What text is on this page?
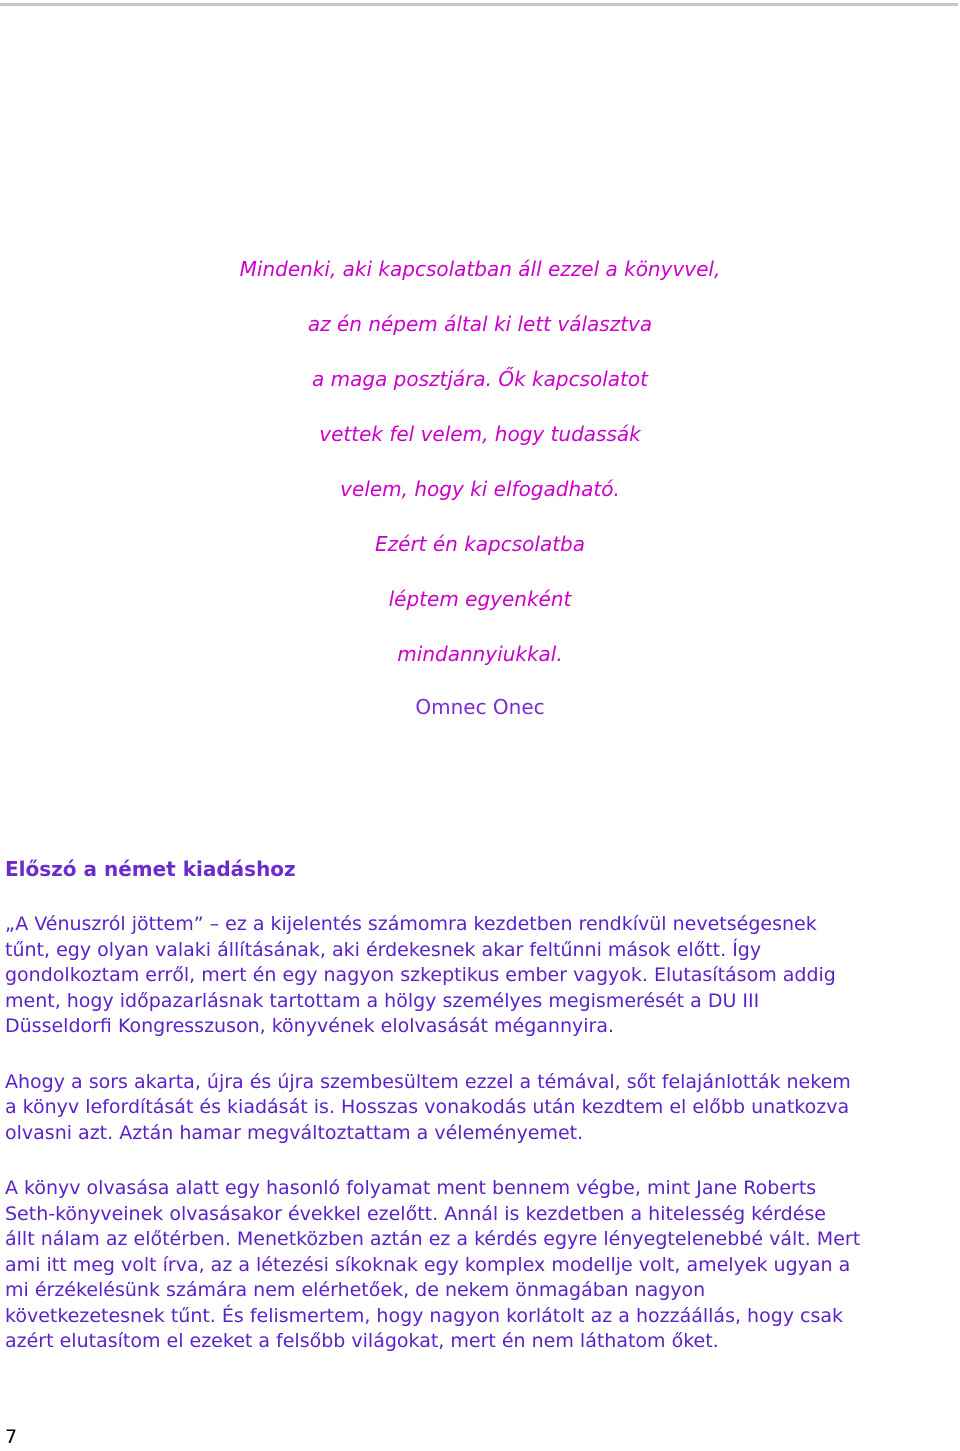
Mindenki, aki kapcsolatban áll ezzel a könyvvel,
az én népem által ki lett választva
a maga posztjára. Ők kapcsolatot
vettek fel velem, hogy tudassák
velem, hogy ki elfogadható.
Ezért én kapcsolatba
léptem egyenként
mindannyiukkal.
Omnec Onec
Előszó a német kiadáshoz

„A Vénuszról jöttem” – ez a kijelentés számomra kezdetben rendkívül nevetségesnek
tűnt, egy olyan valaki állításának, aki érdekesnek akar feltűnni mások előtt. Így
gondolkoztam erről, mert én egy nagyon szkeptikus ember vagyok. Elutasításom addig
ment, hogy időpazarlásnak tartottam a hölgy személyes megismerését a DU III
Düsseldorfi Kongresszuson, könyvének elolvasását mégannyira.

Ahogy a sors akarta, újra és újra szembesültem ezzel a témával, sőt felajánlották nekem
a könyv lefordítását és kiadását is. Hosszas vonakodás után kezdtem el előbb unatkozva
olvasni azt. Aztán hamar megváltoztattam a véleményemet.

A könyv olvasása alatt egy hasonló folyamat ment bennem végbe, mint Jane Roberts
Seth-könyveinek olvasásakor évekkel ezelőtt. Annál is kezdetben a hitelesség kérdése
állt nálam az előtérben. Menetközben aztán ez a kérdés egyre lényegtelenebbé vált. Mert
ami itt meg volt írva, az a létezési síkoknak egy komplex modellje volt, amelyek ugyan a
mi érzékelésünk számára nem elérhetőek, de nekem önmagában nagyon
következetesnek tűnt. És felismertem, hogy nagyon korlátolt az a hozzáállás, hogy csak
azért elutasítom el ezeket a felsőbb világokat, mert én nem láthatom őket.

7
